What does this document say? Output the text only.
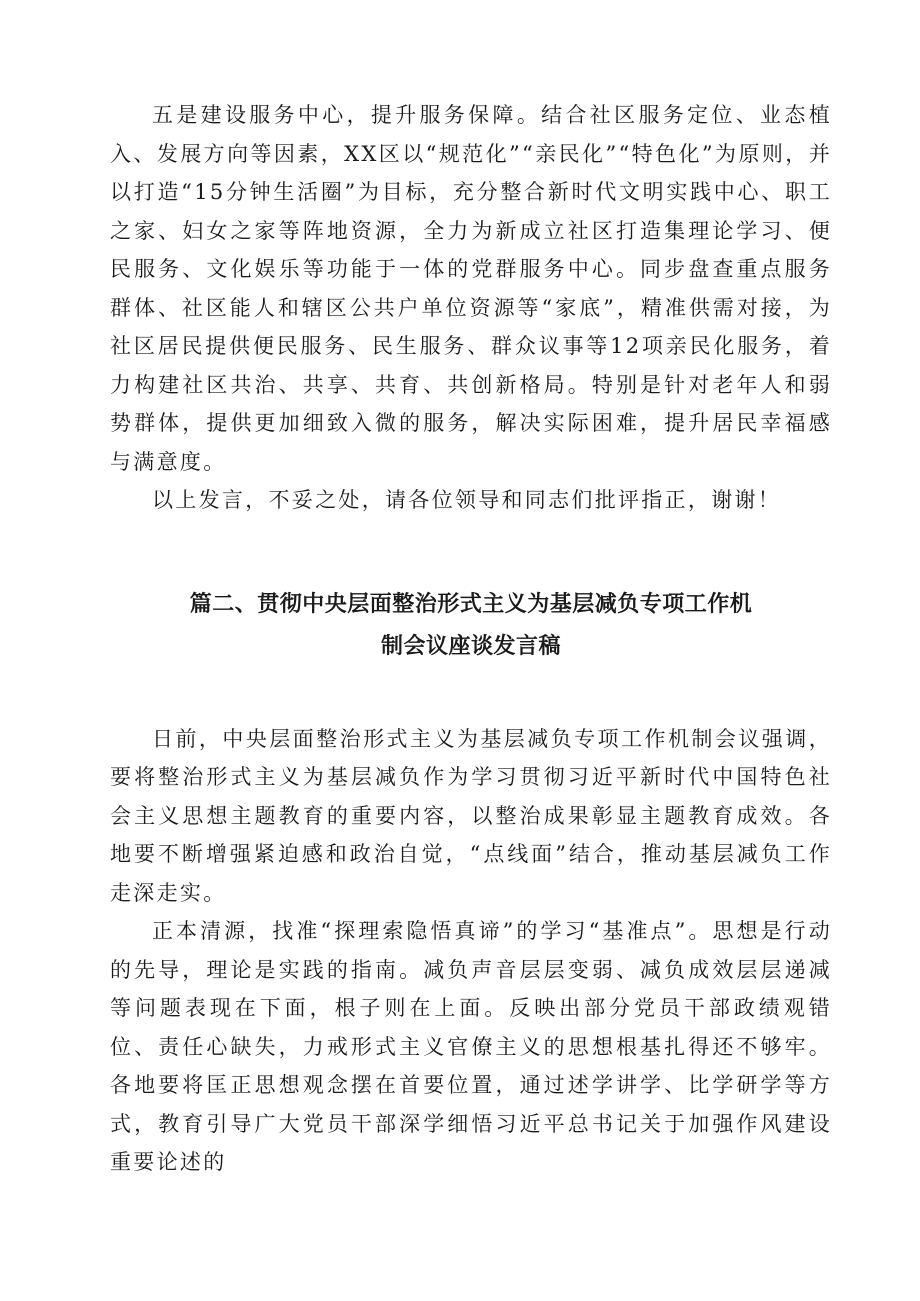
五是建设服务中心，提升服务保障。结合社区服务定位、业态植入、发展方向等因素，XX区以“规范化”“亲民化”“特色化”为原则，并以打造“15分钟生活圈”为目标，充分整合新时代文明实践中心、职工之家、妇女之家等阵地资源，全力为新成立社区打造集理论学习、便民服务、文化娱乐等功能于一体的党群服务中心。同步盘查重点服务群体、社区能人和辖区公共户单位资源等“家底”，精准供需对接，为社区居民提供便民服务、民生服务、群众议事等12项亲民化服务，着力构建社区共治、共享、共育、共创新格局。特别是针对老年人和弱势群体，提供更加细致入微的服务，解决实际困难，提升居民幸福感与满意度。

以上发言，不妥之处，请各位领导和同志们批评指正，谢谢！

篇二、贯彻中央层面整治形式主义为基层减负专项工作机
制会议座谈发言稿

日前，中央层面整治形式主义为基层减负专项工作机制会议强调，要将整治形式主义为基层减负作为学习贯彻习近平新时代中国特色社会主义思想主题教育的重要内容，以整治成果彰显主题教育成效。各地要不断增强紧迫感和政治自觉，“点线面”结合，推动基层减负工作走深走实。

正本清源，找准“探理索隐悟真谛”的学习“基准点”。思想是行动的先导，理论是实践的指南。减负声音层层变弱、减负成效层层递减等问题表现在下面，根子则在上面。反映出部分党员干部政绩观错位、责任心缺失，力戒形式主义官僚主义的思想根基扎得还不够牢。各地要将匡正思想观念摆在首要位置，通过述学讲学、比学研学等方式，教育引导广大党员干部深学细悟习近平总书记关于加强作风建设重要论述的
